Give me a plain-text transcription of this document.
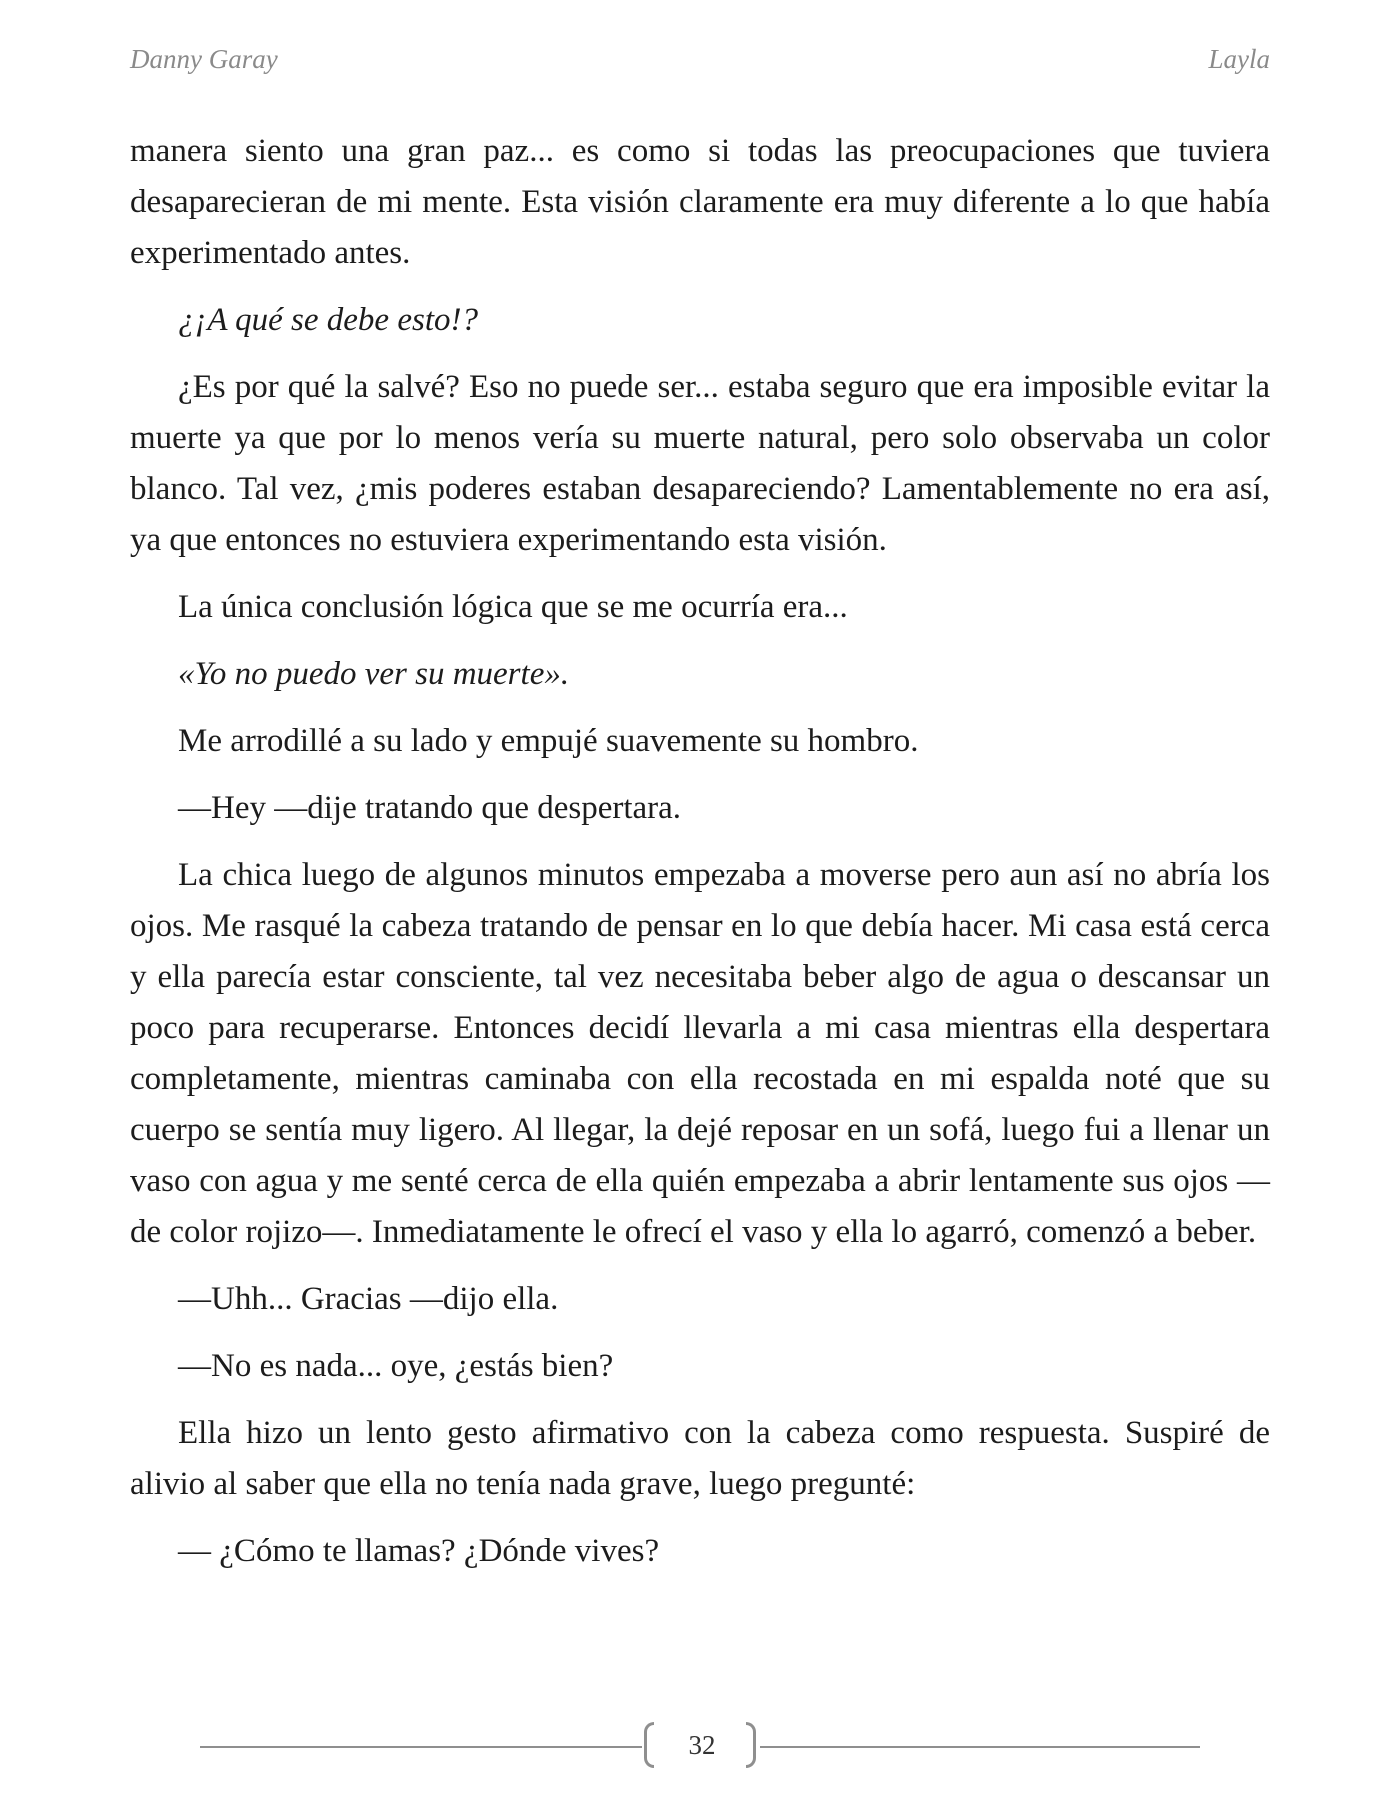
Danny Garay	Layla

manera siento una gran paz... es como si todas las preocupaciones que tuviera desaparecieran de mi mente. Esta visión claramente era muy diferente a lo que había experimentado antes.

¿¡A qué se debe esto!?

¿Es por qué la salvé? Eso no puede ser... estaba seguro que era imposible evitar la muerte ya que por lo menos vería su muerte natural, pero solo observaba un color blanco. Tal vez, ¿mis poderes estaban desapareciendo? Lamentablemente no era así, ya que entonces no estuviera experimentando esta visión.

La única conclusión lógica que se me ocurría era...

«Yo no puedo ver su muerte».

Me arrodillé a su lado y empujé suavemente su hombro.

—Hey —dije tratando que despertara.

La chica luego de algunos minutos empezaba a moverse pero aun así no abría los ojos. Me rasqué la cabeza tratando de pensar en lo que debía hacer. Mi casa está cerca y ella parecía estar consciente, tal vez necesitaba beber algo de agua o descansar un poco para recuperarse. Entonces decidí llevarla a mi casa mientras ella despertara completamente, mientras caminaba con ella recostada en mi espalda noté que su cuerpo se sentía muy ligero. Al llegar, la dejé reposar en un sofá, luego fui a llenar un vaso con agua y me senté cerca de ella quién empezaba a abrir lentamente sus ojos —de color rojizo—. Inmediatamente le ofrecí el vaso y ella lo agarró, comenzó a beber.

—Uhh... Gracias —dijo ella.

—No es nada... oye, ¿estás bien?

Ella hizo un lento gesto afirmativo con la cabeza como respuesta. Suspiré de alivio al saber que ella no tenía nada grave, luego pregunté:

— ¿Cómo te llamas? ¿Dónde vives?

32
